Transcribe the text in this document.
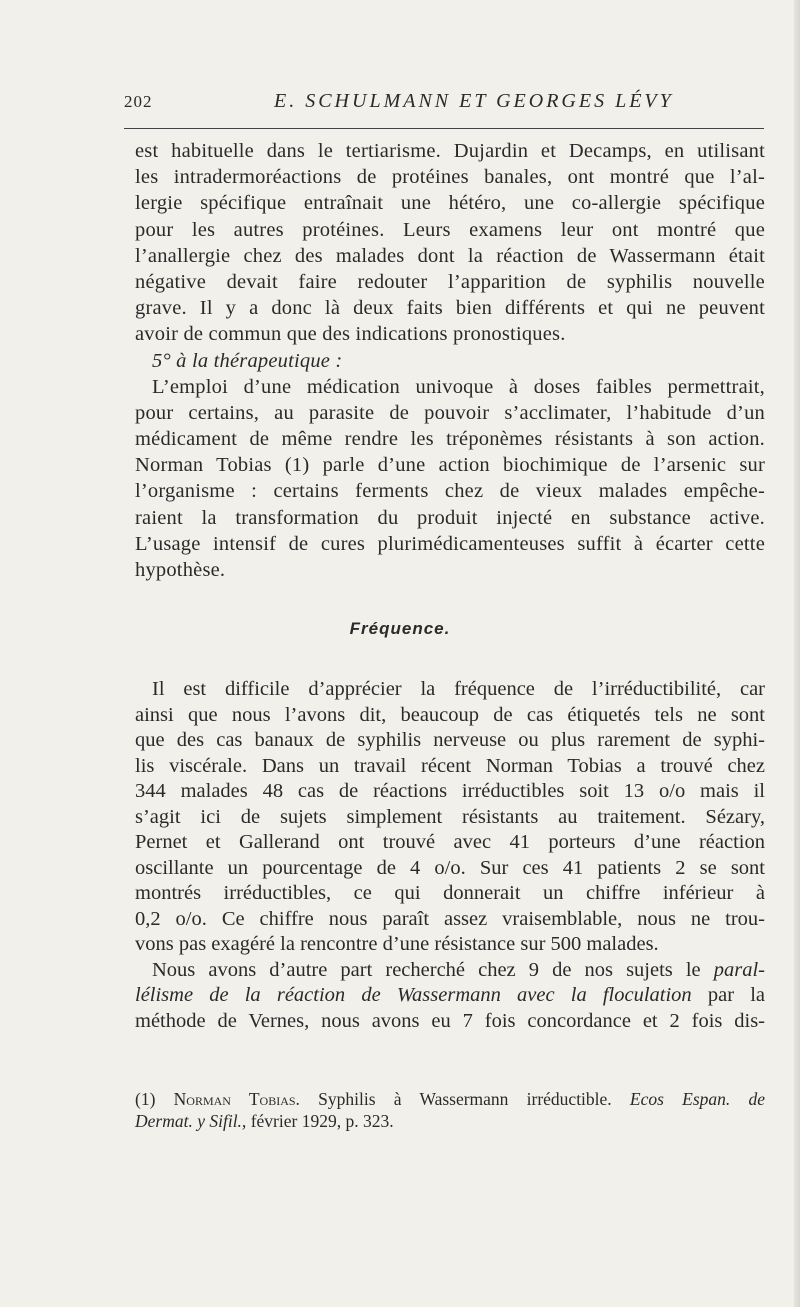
202	E. SCHULMANN ET GEORGES LÉVY
est habituelle dans le tertiarisme. Dujardin et Decamps, en utilisant
les intradermoréactions de protéines banales, ont montré que l’al-
lergie spécifique entraînait une hétéro, une co-allergie spécifique
pour les autres protéines. Leurs examens leur ont montré que
l’anallergie chez des malades dont la réaction de Wassermann était
négative devait faire redouter l’apparition de syphilis nouvelle
grave. Il y a donc là deux faits bien différents et qui ne peuvent
avoir de commun que des indications pronostiques.
5° à la thérapeutique :
L’emploi d’une médication univoque à doses faibles permettrait,
pour certains, au parasite de pouvoir s’acclimater, l’habitude d’un
médicament de même rendre les tréponèmes résistants à son action.
Norman Tobias (1) parle d’une action biochimique de l’arsenic sur
l’organisme : certains ferments chez de vieux malades empêche-
raient la transformation du produit injecté en substance active.
L’usage intensif de cures plurimédicamenteuses suffit à écarter cette
hypothèse.
Fréquence.
Il est difficile d’apprécier la fréquence de l’irréductibilité, car
ainsi que nous l’avons dit, beaucoup de cas étiquetés tels ne sont
que des cas banaux de syphilis nerveuse ou plus rarement de syphi-
lis viscérale. Dans un travail récent Norman Tobias a trouvé chez
344 malades 48 cas de réactions irréductibles soit 13 o/o mais il
s’agit ici de sujets simplement résistants au traitement. Sézary,
Pernet et Gallerand ont trouvé avec 41 porteurs d’une réaction
oscillante un pourcentage de 4 o/o. Sur ces 41 patients 2 se sont
montrés irréductibles, ce qui donnerait un chiffre inférieur à
0,2 o/o. Ce chiffre nous paraît assez vraisemblable, nous ne trou-
vons pas exagéré la rencontre d’une résistance sur 500 malades.
Nous avons d’autre part recherché chez 9 de nos sujets le paral-
lélisme de la réaction de Wassermann avec la floculation par la
méthode de Vernes, nous avons eu 7 fois concordance et 2 fois dis-
(1) Norman Tobias. Syphilis à Wassermann irréductible. Ecos Espan. de
Dermat. y Sifil., février 1929, p. 323.
